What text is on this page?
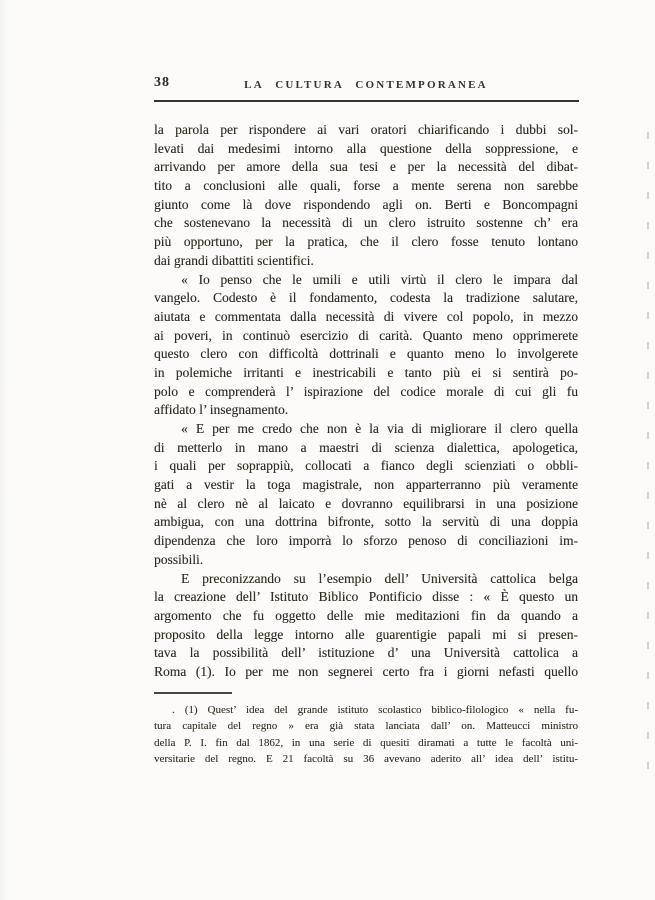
38	LA CULTURA CONTEMPORANEA
la parola per rispondere ai vari oratori chiarificando i dubbi sol-
levati dai medesimi intorno alla questione della soppressione, e
arrivando per amore della sua tesi e per la necessità del dibat-
tito a conclusioni alle quali, forse a mente serena non sarebbe
giunto come là dove rispondendo agli on. Berti e Boncompagni
che sostenevano la necessità di un clero istruito sostenne ch’ era
più opportuno, per la pratica, che il clero fosse tenuto lontano
dai grandi dibattiti scientifici.
« Io penso che le umili e utili virtù il clero le impara dal
vangelo. Codesto è il fondamento, codesta la tradizione salutare,
aiutata e commentata dalla necessità di vivere col popolo, in mezzo
ai poveri, in continuò esercizio di carità. Quanto meno opprimerete
questo clero con difficoltà dottrinali e quanto meno lo involgerete
in polemiche irritanti e inestricabili e tanto più ei si sentirà po-
polo e comprenderà l’ ispirazione del codice morale di cui gli fu
affidato l’ insegnamento.
« E per me credo che non è la via di migliorare il clero quella
di metterlo in mano a maestri di scienza dialettica, apologetica,
i quali per soprappiù, collocati a fianco degli scienziati o obbli-
gati a vestir la toga magistrale, non apparterranno più veramente
nè al clero nè al laicato e dovranno equilibrarsi in una posizione
ambigua, con una dottrina bifronte, sotto la servitù di una doppia
dipendenza che loro imporrà lo sforzo penoso di conciliazioni im-
possibili.
E preconizzando su l’esempio dell’ Università cattolica belga
la creazione dell’ Istituto Biblico Pontificio disse : « È questo un
argomento che fu oggetto delle mie meditazioni fin da quando a
proposito della legge intorno alle guarentigie papali mi si presen-
tava la possibilità dell’ istituzione d’ una Università cattolica a
Roma (1). Io per me non segnerei certo fra i giorni nefasti quello
. (1) Quest’ idea del grande istituto scolastico biblico-filologico « nella fu-
tura capitale del regno » era già stata lanciata dall’ on. Matteucci ministro
della P. I. fin dal 1862, in una serie di quesiti diramati a tutte le facoltà uni-
versitarie del regno. E 21 facoltà su 36 avevano aderito all’ idea dell’ istitu-
